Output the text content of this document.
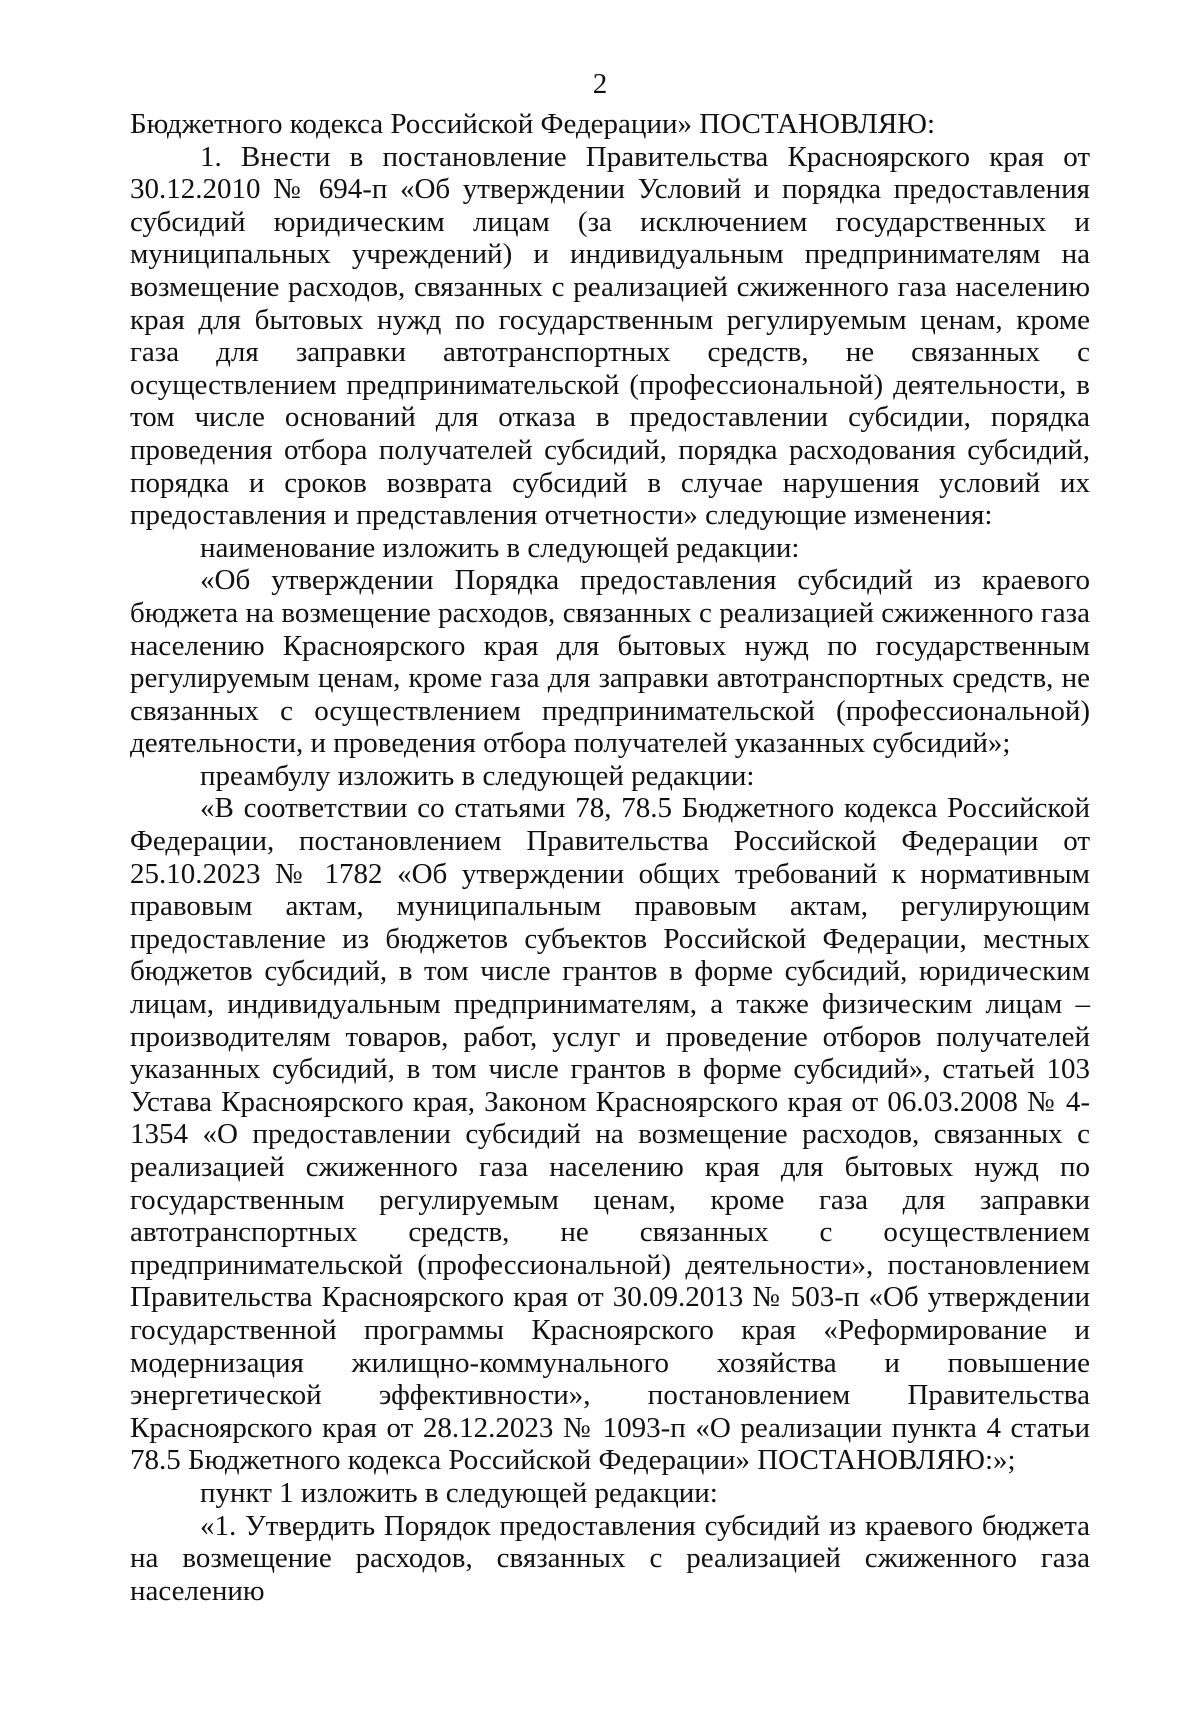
2

Бюджетного кодекса Российской Федерации» ПОСТАНОВЛЯЮ:

1. Внести в постановление Правительства Красноярского края от 30.12.2010 № 694-п «Об утверждении Условий и порядка предоставления субсидий юридическим лицам (за исключением государственных и муниципальных учреждений) и индивидуальным предпринимателям на возмещение расходов, связанных с реализацией сжиженного газа населению края для бытовых нужд по государственным регулируемым ценам, кроме газа для заправки автотранспортных средств, не связанных с осуществлением предпринимательской (профессиональной) деятельности, в том числе оснований для отказа в предоставлении субсидии, порядка проведения отбора получателей субсидий, порядка расходования субсидий, порядка и сроков возврата субсидий в случае нарушения условий их предоставления и представления отчетности» следующие изменения:

наименование изложить в следующей редакции:

«Об утверждении Порядка предоставления субсидий из краевого бюджета на возмещение расходов, связанных с реализацией сжиженного газа населению Красноярского края для бытовых нужд по государственным регулируемым ценам, кроме газа для заправки автотранспортных средств, не связанных с осуществлением предпринимательской (профессиональной) деятельности, и проведения отбора получателей указанных субсидий»;

преамбулу изложить в следующей редакции:

«В соответствии со статьями 78, 78.5 Бюджетного кодекса Российской Федерации, постановлением Правительства Российской Федерации от 25.10.2023 № 1782 «Об утверждении общих требований к нормативным правовым актам, муниципальным правовым актам, регулирующим предоставление из бюджетов субъектов Российской Федерации, местных бюджетов субсидий, в том числе грантов в форме субсидий, юридическим лицам, индивидуальным предпринимателям, а также физическим лицам – производителям товаров, работ, услуг и проведение отборов получателей указанных субсидий, в том числе грантов в форме субсидий», статьей 103 Устава Красноярского края, Законом Красноярского края от 06.03.2008 № 4-1354 «О предоставлении субсидий на возмещение расходов, связанных с реализацией сжиженного газа населению края для бытовых нужд по государственным регулируемым ценам, кроме газа для заправки автотранспортных средств, не связанных с осуществлением предпринимательской (профессиональной) деятельности», постановлением Правительства Красноярского края от 30.09.2013 № 503-п «Об утверждении государственной программы Красноярского края «Реформирование и модернизация жилищно-коммунального хозяйства и повышение энергетической эффективности», постановлением Правительства Красноярского края от 28.12.2023 № 1093-п «О реализации пункта 4 статьи 78.5 Бюджетного кодекса Российской Федерации» ПОСТАНОВЛЯЮ:»;

пункт 1 изложить в следующей редакции:

«1. Утвердить Порядок предоставления субсидий из краевого бюджета на возмещение расходов, связанных с реализацией сжиженного газа населению
